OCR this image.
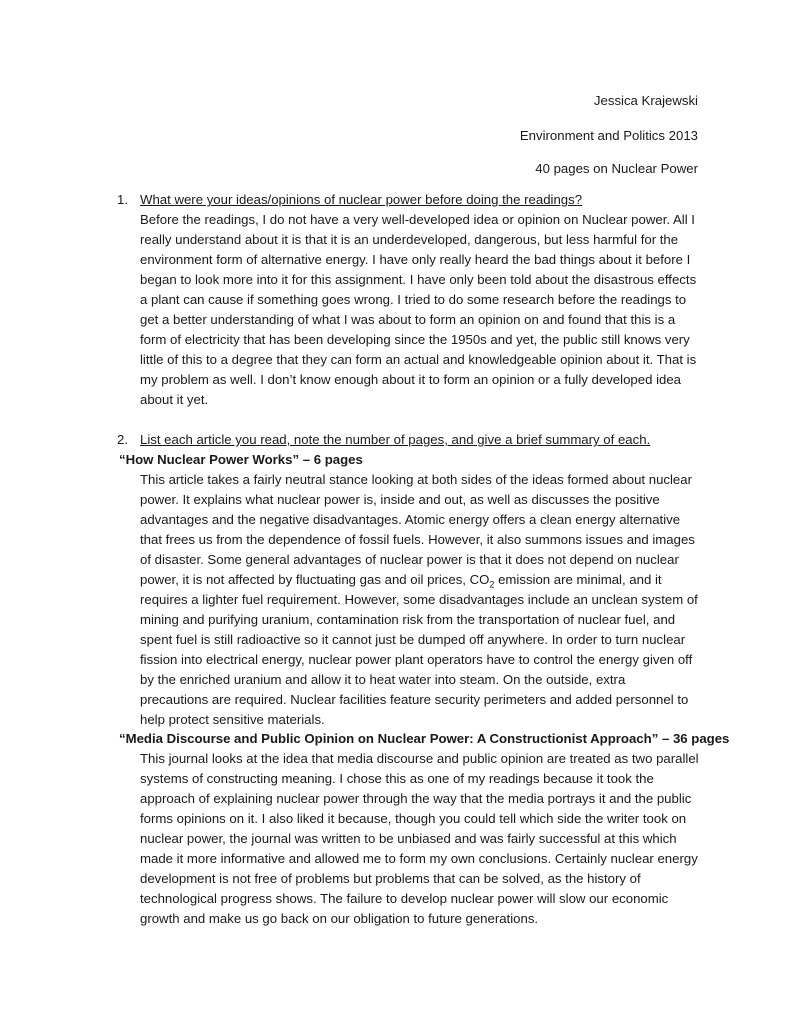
Jessica Krajewski
Environment and Politics 2013
40 pages on Nuclear Power
1. What were your ideas/opinions of nuclear power before doing the readings?
Before the readings, I do not have a very well-developed idea or opinion on Nuclear power. All I
really understand about it is that it is an underdeveloped, dangerous, but less harmful for the
environment form of alternative energy. I have only really heard the bad things about it before I
began to look more into it for this assignment. I have only been told about the disastrous effects
a plant can cause if something goes wrong. I tried to do some research before the readings to
get a better understanding of what I was about to form an opinion on and found that this is a
form of electricity that has been developing since the 1950s and yet, the public still knows very
little of this to a degree that they can form an actual and knowledgeable opinion about it. That is
my problem as well. I don’t know enough about it to form an opinion or a fully developed idea
about it yet.
2. List each article you read, note the number of pages, and give a brief summary of each.
“How Nuclear Power Works” – 6 pages
This article takes a fairly neutral stance looking at both sides of the ideas formed about nuclear
power. It explains what nuclear power is, inside and out, as well as discusses the positive
advantages and the negative disadvantages. Atomic energy offers a clean energy alternative
that frees us from the dependence of fossil fuels. However, it also summons issues and images
of disaster. Some general advantages of nuclear power is that it does not depend on nuclear
power, it is not affected by fluctuating gas and oil prices, $CO_2$ emission are minimal, and it
requires a lighter fuel requirement. However, some disadvantages include an unclean system of
mining and purifying uranium, contamination risk from the transportation of nuclear fuel, and
spent fuel is still radioactive so it cannot just be dumped off anywhere. In order to turn nuclear
fission into electrical energy, nuclear power plant operators have to control the energy given off
by the enriched uranium and allow it to heat water into steam. On the outside, extra
precautions are required. Nuclear facilities feature security perimeters and added personnel to
help protect sensitive materials.
“Media Discourse and Public Opinion on Nuclear Power: A Constructionist Approach” – 36 pages
This journal looks at the idea that media discourse and public opinion are treated as two parallel
systems of constructing meaning. I chose this as one of my readings because it took the
approach of explaining nuclear power through the way that the media portrays it and the public
forms opinions on it. I also liked it because, though you could tell which side the writer took on
nuclear power, the journal was written to be unbiased and was fairly successful at this which
made it more informative and allowed me to form my own conclusions. Certainly nuclear energy
development is not free of problems but problems that can be solved, as the history of
technological progress shows. The failure to develop nuclear power will slow our economic
growth and make us go back on our obligation to future generations.
